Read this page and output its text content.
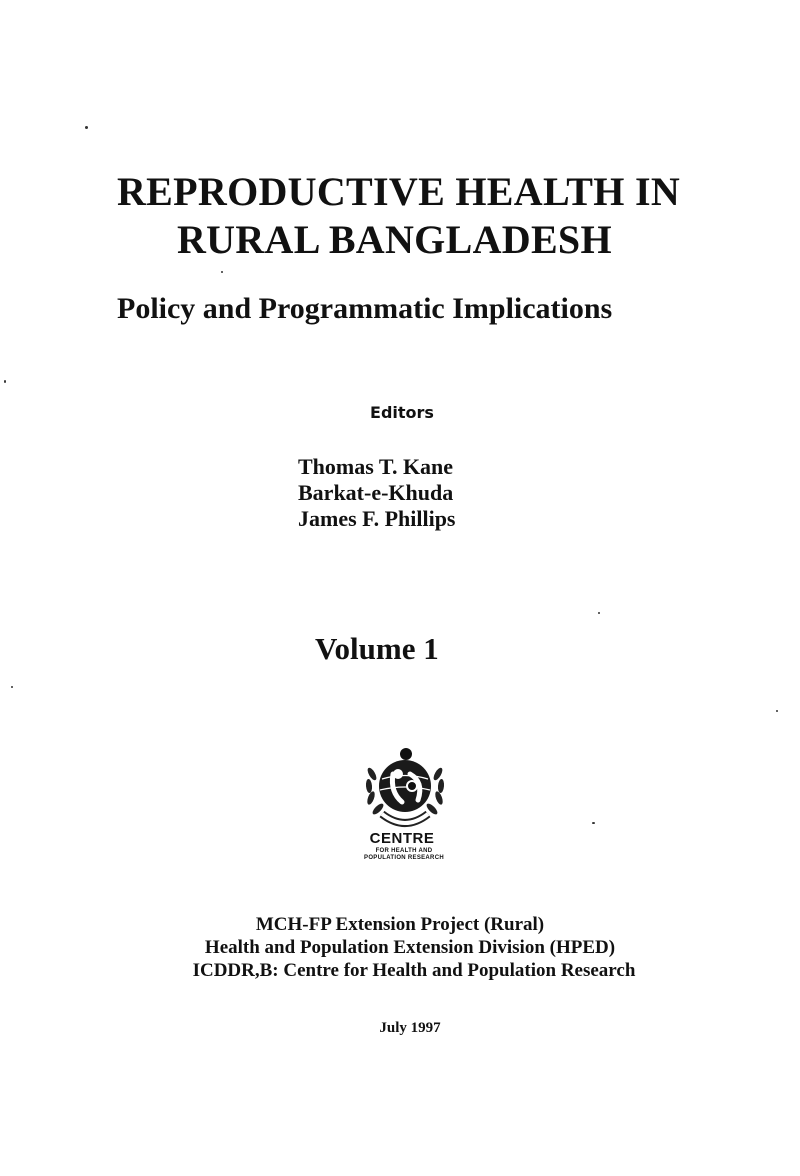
REPRODUCTIVE HEALTH IN
RURAL BANGLADESH
Policy and Programmatic Implications
Editors
Thomas T. Kane
Barkat-e-Khuda
James F. Phillips
Volume 1
CENTRE
FOR HEALTH AND
POPULATION RESEARCH
MCH-FP Extension Project (Rural)
Health and Population Extension Division (HPED)
ICDDR,B: Centre for Health and Population Research
July 1997
